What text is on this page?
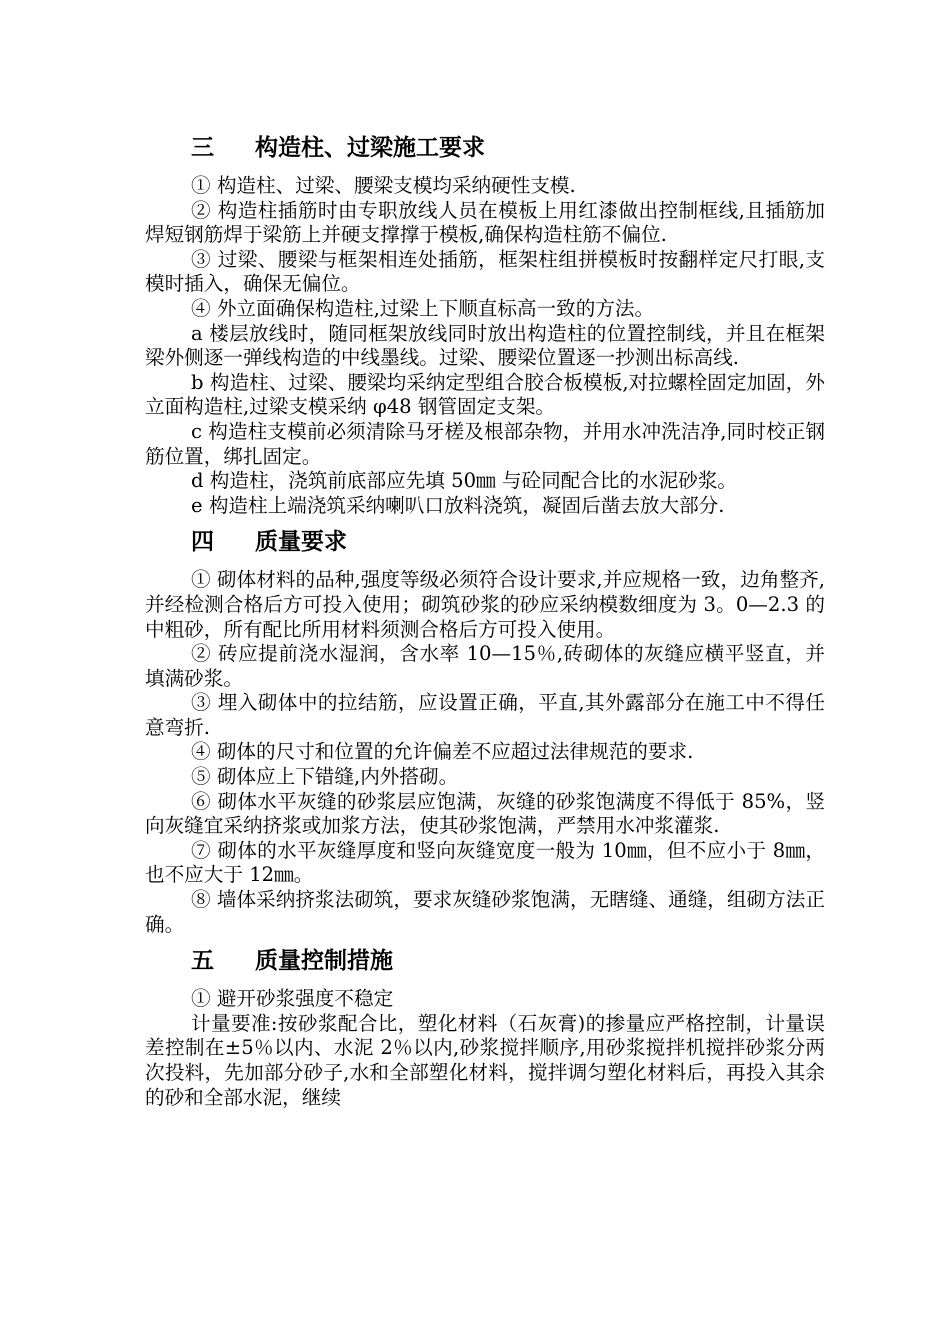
三 构造柱、过梁施工要求

① 构造柱、过梁、腰梁支模均采纳硬性支模.

② 构造柱插筋时由专职放线人员在模板上用红漆做出控制框线,且插筋加焊短钢筋焊于梁筋上并硬支撑撑于模板,确保构造柱筋不偏位.

③ 过梁、腰梁与框架相连处插筋，框架柱组拼模板时按翻样定尺打眼,支模时插入，确保无偏位。

④ 外立面确保构造柱,过梁上下顺直标高一致的方法。

a 楼层放线时，随同框架放线同时放出构造柱的位置控制线，并且在框架梁外侧逐一弹线构造的中线墨线。过梁、腰梁位置逐一抄测出标高线.

b 构造柱、过梁、腰梁均采纳定型组合胶合板模板,对拉螺栓固定加固，外立面构造柱,过梁支模采纳 φ48 钢管固定支架。

c 构造柱支模前必须清除马牙槎及根部杂物，并用水冲洗洁净,同时校正钢筋位置，绑扎固定。

d 构造柱，浇筑前底部应先填 50㎜ 与砼同配合比的水泥砂浆。

e 构造柱上端浇筑采纳喇叭口放料浇筑，凝固后凿去放大部分.

四 质量要求

① 砌体材料的品种,强度等级必须符合设计要求,并应规格一致，边角整齐,并经检测合格后方可投入使用；砌筑砂浆的砂应采纳模数细度为 3。0—2.3 的中粗砂，所有配比所用材料须测合格后方可投入使用。

② 砖应提前浇水湿润，含水率 10—15％,砖砌体的灰缝应横平竖直，并填满砂浆。

③ 埋入砌体中的拉结筋，应设置正确，平直,其外露部分在施工中不得任意弯折.

④ 砌体的尺寸和位置的允许偏差不应超过法律规范的要求.

⑤ 砌体应上下错缝,内外搭砌。

⑥ 砌体水平灰缝的砂浆层应饱满，灰缝的砂浆饱满度不得低于 85%，竖向灰缝宜采纳挤浆或加浆方法，使其砂浆饱满，严禁用水冲浆灌浆.

⑦ 砌体的水平灰缝厚度和竖向灰缝宽度一般为 10㎜，但不应小于 8㎜，也不应大于 12㎜。

⑧ 墙体采纳挤浆法砌筑，要求灰缝砂浆饱满，无瞎缝、通缝，组砌方法正确。

五 质量控制措施

① 避开砂浆强度不稳定

计量要准:按砂浆配合比，塑化材料（石灰膏)的掺量应严格控制，计量误差控制在±5％以内、水泥 2％以内,砂浆搅拌顺序,用砂浆搅拌机搅拌砂浆分两次投料，先加部分砂子,水和全部塑化材料，搅拌调匀塑化材料后，再投入其余的砂和全部水泥，继续
